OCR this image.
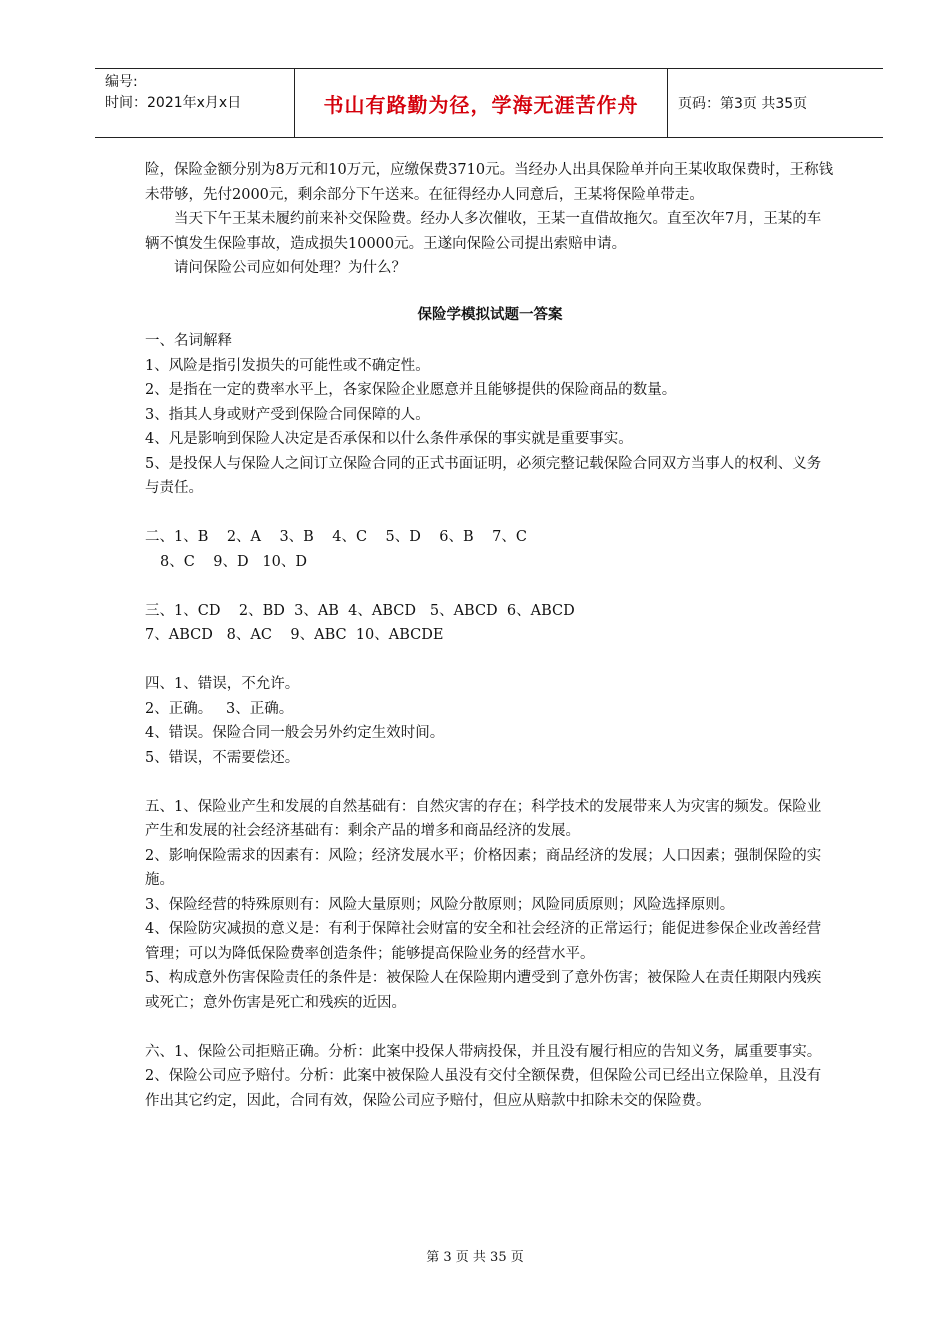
编号:
时间：2021年x月x日	书山有路勤为径，学海无涯苦作舟	页码：第3页 共35页

险，保险金额分别为8万元和10万元，应缴保费3710元。当经办人出具保险单并向王某收取保费时，王称钱未带够，先付2000元，剩余部分下午送来。在征得经办人同意后，王某将保险单带走。

当天下午王某未履约前来补交保险费。经办人多次催收，王某一直借故拖欠。直至次年7月，王某的车辆不慎发生保险事故，造成损失10000元。王遂向保险公司提出索赔申请。

请问保险公司应如何处理？为什么？

保险学模拟试题一答案

一、名词解释

1、风险是指引发损失的可能性或不确定性。

2、是指在一定的费率水平上，各家保险企业愿意并且能够提供的保险商品的数量。

3、指其人身或财产受到保险合同保障的人。

4、凡是影响到保险人决定是否承保和以什么条件承保的事实就是重要事实。

5、是投保人与保险人之间订立保险合同的正式书面证明，必须完整记载保险合同双方当事人的权利、义务与责任。

二、1、B    2、A    3、B    4、C    5、D    6、B    7、C

8、C    9、D   10、D

三、1、CD    2、BD  3、AB  4、ABCD   5、ABCD  6、ABCD

7、ABCD   8、AC    9、ABC  10、ABCDE

四、1、错误，不允许。

2、正确。   3、正确。

4、错误。保险合同一般会另外约定生效时间。

5、错误，不需要偿还。

五、1、保险业产生和发展的自然基础有：自然灾害的存在；科学技术的发展带来人为灾害的频发。保险业产生和发展的社会经济基础有：剩余产品的增多和商品经济的发展。

2、影响保险需求的因素有：风险；经济发展水平；价格因素；商品经济的发展；人口因素；强制保险的实施。

3、保险经营的特殊原则有：风险大量原则；风险分散原则；风险同质原则；风险选择原则。

4、保险防灾减损的意义是：有利于保障社会财富的安全和社会经济的正常运行；能促进参保企业改善经营管理；可以为降低保险费率创造条件；能够提高保险业务的经营水平。

5、构成意外伤害保险责任的条件是：被保险人在保险期内遭受到了意外伤害；被保险人在责任期限内残疾或死亡；意外伤害是死亡和残疾的近因。

六、1、保险公司拒赔正确。分析：此案中投保人带病投保，并且没有履行相应的告知义务，属重要事实。

2、保险公司应予赔付。分析：此案中被保险人虽没有交付全额保费，但保险公司已经出立保险单，且没有作出其它约定，因此，合同有效，保险公司应予赔付，但应从赔款中扣除未交的保险费。

第 3 页 共 35 页
